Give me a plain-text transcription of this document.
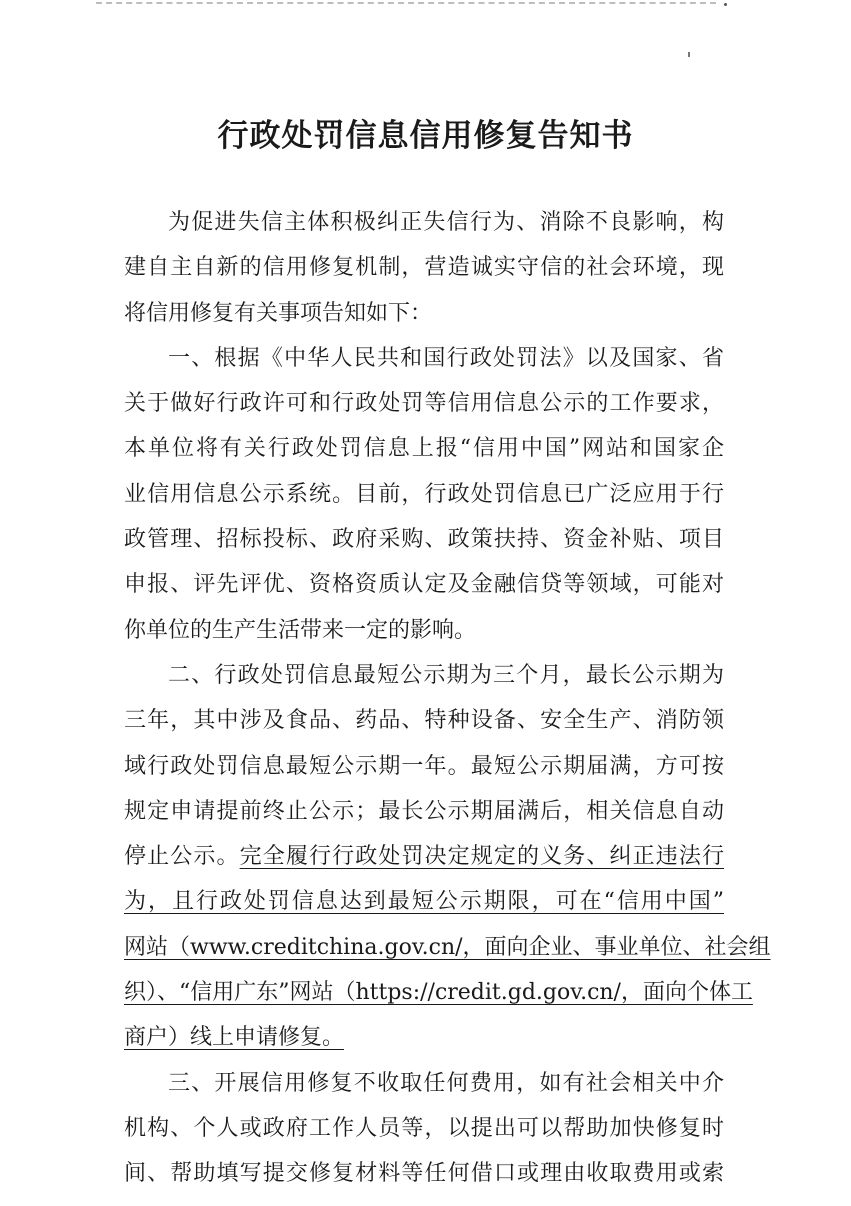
行政处罚信息信用修复告知书
为促进失信主体积极纠正失信行为、消除不良影响，构
建自主自新的信用修复机制，营造诚实守信的社会环境，现
将信用修复有关事项告知如下：
一、根据《中华人民共和国行政处罚法》以及国家、省
关于做好行政许可和行政处罚等信用信息公示的工作要求，
本单位将有关行政处罚信息上报“信用中国”网站和国家企
业信用信息公示系统。目前，行政处罚信息已广泛应用于行
政管理、招标投标、政府采购、政策扶持、资金补贴、项目
申报、评先评优、资格资质认定及金融信贷等领域，可能对
你单位的生产生活带来一定的影响。
二、行政处罚信息最短公示期为三个月，最长公示期为
三年，其中涉及食品、药品、特种设备、安全生产、消防领
域行政处罚信息最短公示期一年。最短公示期届满，方可按
规定申请提前终止公示；最长公示期届满后，相关信息自动
停止公示。完全履行行政处罚决定规定的义务、纠正违法行
为，且行政处罚信息达到最短公示期限，可在“信用中国”
网站（www.creditchina.gov.cn/，面向企业、事业单位、社会组
织）、“信用广东”网站（https://credit.gd.gov.cn/，面向个体工
商户）线上申请修复。
三、开展信用修复不收取任何费用，如有社会相关中介
机构、个人或政府工作人员等，以提出可以帮助加快修复时
间、帮助填写提交修复材料等任何借口或理由收取费用或索
